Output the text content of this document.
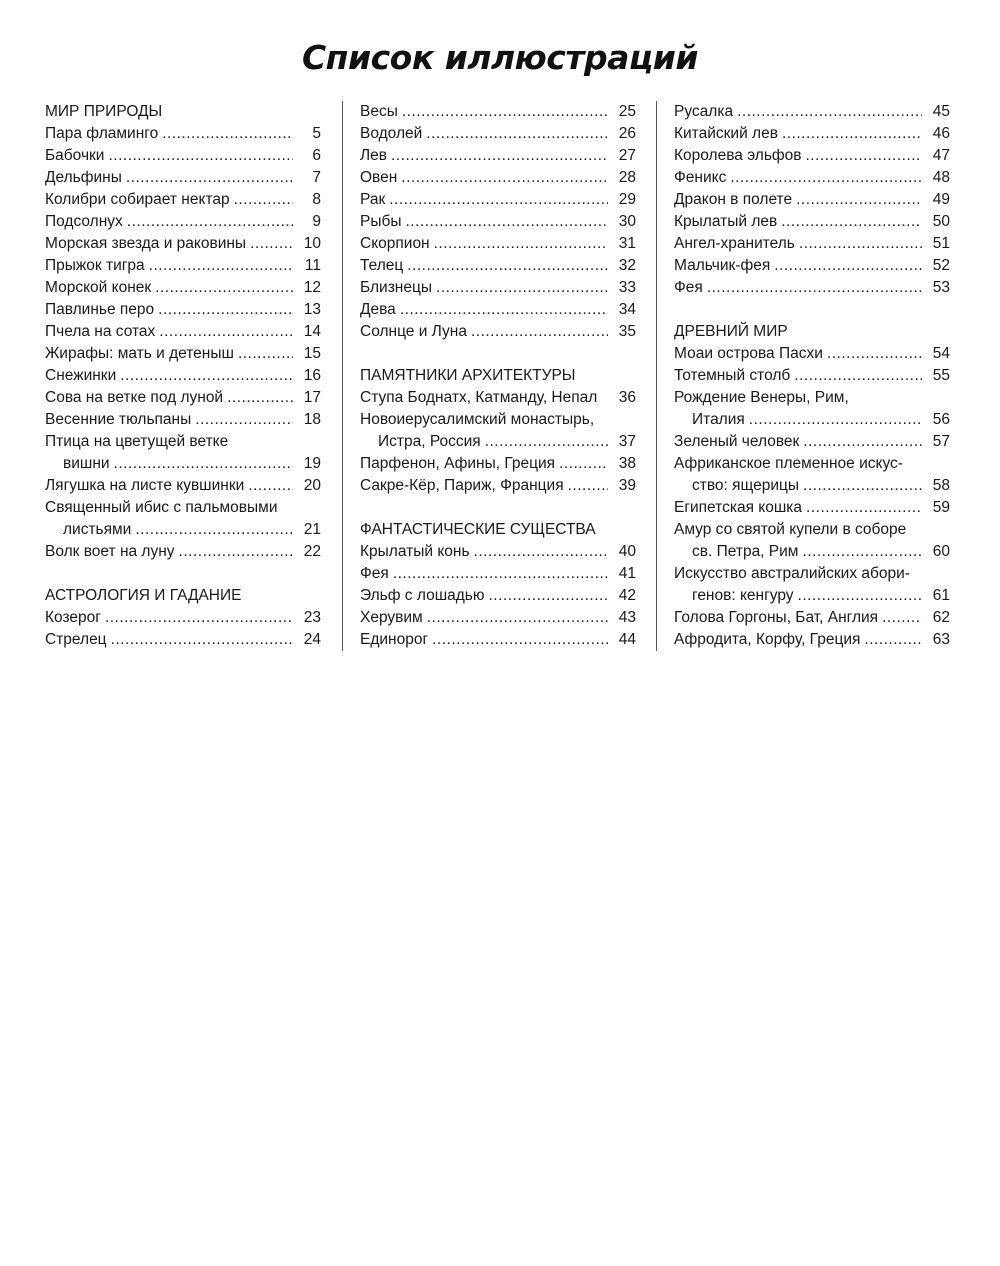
Список иллюстраций
МИР ПРИРОДЫ
Пара фламинго .....	5
Бабочки .....	6
Дельфины .....	7
Колибри собирает нектар .....	8
Подсолнух .....	9
Морская звезда и раковины .....	10
Прыжок тигра .....	11
Морской конек .....	12
Павлинье перо .....	13
Пчела на сотах .....	14
Жирафы: мать и детеныш .....	15
Снежинки .....	16
Сова на ветке под луной .....	17
Весенние тюльпаны .....	18
Птица на цветущей ветке
вишни .....	19
Лягушка на листе кувшинки .....	20
Священный ибис с пальмовыми
листьями .....	21
Волк воет на луну .....	22
АСТРОЛОГИЯ И ГАДАНИЕ
Козерог .....	23
Стрелец .....	24
Весы .....	25
Водолей .....	26
Лев .....	27
Овен .....	28
Рак .....	29
Рыбы .....	30
Скорпион .....	31
Телец .....	32
Близнецы .....	33
Дева .....	34
Солнце и Луна .....	35
ПАМЯТНИКИ АРХИТЕКТУРЫ
Ступа Боднатх, Катманду, Непал	36
Новоиерусалимский монастырь,
Истра, Россия .....	37
Парфенон, Афины, Греция .....	38
Сакре-Кёр, Париж, Франция .....	39
ФАНТАСТИЧЕСКИЕ СУЩЕСТВА
Крылатый конь .....	40
Фея .....	41
Эльф с лошадью .....	42
Херувим .....	43
Единорог .....	44
Русалка .....	45
Китайский лев .....	46
Королева эльфов .....	47
Феникс .....	48
Дракон в полете .....	49
Крылатый лев .....	50
Ангел-хранитель .....	51
Мальчик-фея .....	52
Фея .....	53
ДРЕВНИЙ МИР
Моаи острова Пасхи .....	54
Тотемный столб .....	55
Рождение Венеры, Рим,
Италия .....	56
Зеленый человек .....	57
Африканское племенное искус-
ство: ящерицы .....	58
Египетская кошка .....	59
Амур со святой купели в соборе
св. Петра, Рим .....	60
Искусство австралийских абори-
генов: кенгуру .....	61
Голова Горгоны, Бат, Англия .....	62
Афродита, Корфу, Греция .....	63
